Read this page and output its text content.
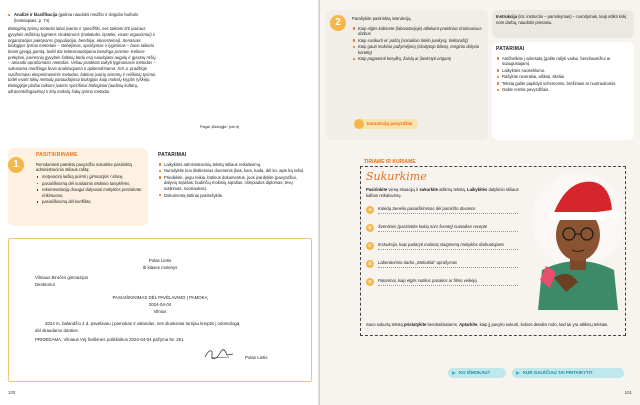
Analizė ir klasifikacija (galima naudotis medžio ir dvigubo burbulo (lentelapiais, p. 74)
Biologinių tyrimų metodai labai įvairūs ir specifiški, nes taikomi tirti įvairaus gyvybės reiškinių lygmens struktūroms (molekulei, ląstelei, visam organizmui) ir organizacijos pakopoms (populiacijai, bendrijai, ekosistemai). Senasiais biologijos tyrimo metodais – stebėjimas, aprašymas ir lyginimas – buvo taikomi tiriant gyvąją gamtą, todėl dar tebesinaudojama bendrąja prasme. Keliose prekybai, įvairesnių gyvybės šaltinių būdu esą naudojami augalų ir gyvūnų rūšių – atsirado aprašomasis metodas. Vėliau pradėtas taikyti lyginamasis metodas – sukuriama medžiaga buvo analizuojama ir apibendrinama. XIX a. pradžioje susiformavo eksperimentinis metodas, būtinas įvairių sistemų ir reiškinių tyrimui, todėl esant tokių metodų panaudojimui biologijos kaip mokslų kryptis ryškėjo. Biologijoje plačiai taikomi įvairūs specifiniai biologiniai (audinių kultūrų, ultracentrifugavimo) ir kitų mokslų šakų tyrimo metodai.
Pagal „Biologija“ (vle.lt)
1
PASITIKRINAME
Remdamiesi pateiktu pavyzdžiu sukurkite pasirinktą administracinio stiliaus raštą:
motyvacinį laišką priimti į gimnazijos / klasę,
pasiaiškinimą dėl nuolatinio Mokinio taisyklėms,
rekomendaciją draugui dalyvauti mokyklos prezidento rinkimuose,
pasiaiškinimą dėl konflikto.
PATARIMAI
Laikykitės administracinių tekstų stiliaus reikalavimų.
Nurodykite kuo tiksliesnius duomenis (kas, kam, kada, dėl ko, apie ką rašo).
Priedėkite, jeigu reikia, būtinus dokumentus, juos įvardykite (pavyzdžiui, dalyvių sąrašas, budinčių mokinių sąrašas, olimpiados diplomas, tėvų sutikimas, nuotraukos).
Dokumentą būtinai pasirašykite.
Polas Lietis
Ib klases mokinys
Vilniaus Biručės gimnazijos
Direktoriui
PASIAIŠKINIMAS DĖL PAVĖLAVIMO Į PAMOKĄ
2024-04-04
Vilnius
2024 m. balandžio 4 d. pavėlavau į pamokas 2 valandas, nes sluoksniai turėjau kreiptis į odontologą
dėl skaudamo danties.
PRIDEDAMA. Vilniaus Vėj Šeškinės poliklinikos 2024-04-04 pažyma Nr. 261
Polas Lietis
100
2	Parašykite pasirinktą instrukciją.
Kaip elgtis kabinete (laboratorijoje) atliekant praktinius tiriamuosius darbus
Kaip susikurti el. paštą (socialinio tinklo paskyrą, tinklaraštį)
Kaip gauti mokinio pažymėjimą (skaitytojo bilietą, renginio dalyvio kortelę)
Kaip pagaminti kesylką, žaislą ar įlankstyti origamį
Instrukcijų pavyzdžiai
Instrukcija (lot. instructio – pamokymas) – nurodymas, kaip atlikti kokį nors darbą, naudotis prietaisu.
PATARIMAI
Atsižvelkite į adresatą (galite rašyti vaikui, bendraamžiui ar suaugusiajam).
Laikykitės nuoseklumo.
Rašykite neutraliai, aiškiai, tiksliai.
Tekstą galite papildyti schemomis, brėžiniais ar nuotraukomis.
Galite remtis pavyzdžiais.
TIRIAME IR KURIAME
Sukurkime
Pasirinkite vieną situaciją ir sukurkite atlikmų tekstą. Laikykitės dalykinio stiliaus kalbos reikalavimų.
A	Kalėdų Senelio pasiaiškinimas dėl pamiršto dovanos
B	Šventinės (pasirinkite kokią nors šventę) nuotaikos recepte
C	Instrukcija, kaip padaryti malonią staigmeną mokyklos darbuotojams
D	Laboratorinio darbo „Stebuklai“ aprašymas
E	Patarimai, kaip elgtis sutikus pasakos ar filmo veikėją
Savo sukurtą tekstą pristatykite bendraklasiams. Aptarkite, kaip jį pavyko sukurti, kokios detalės rodo, kad tai yra atlikmų tekstas.
KO IŠMOKAU?	KUR GALĖČIAU TAI PRITAIKYTI?
101
